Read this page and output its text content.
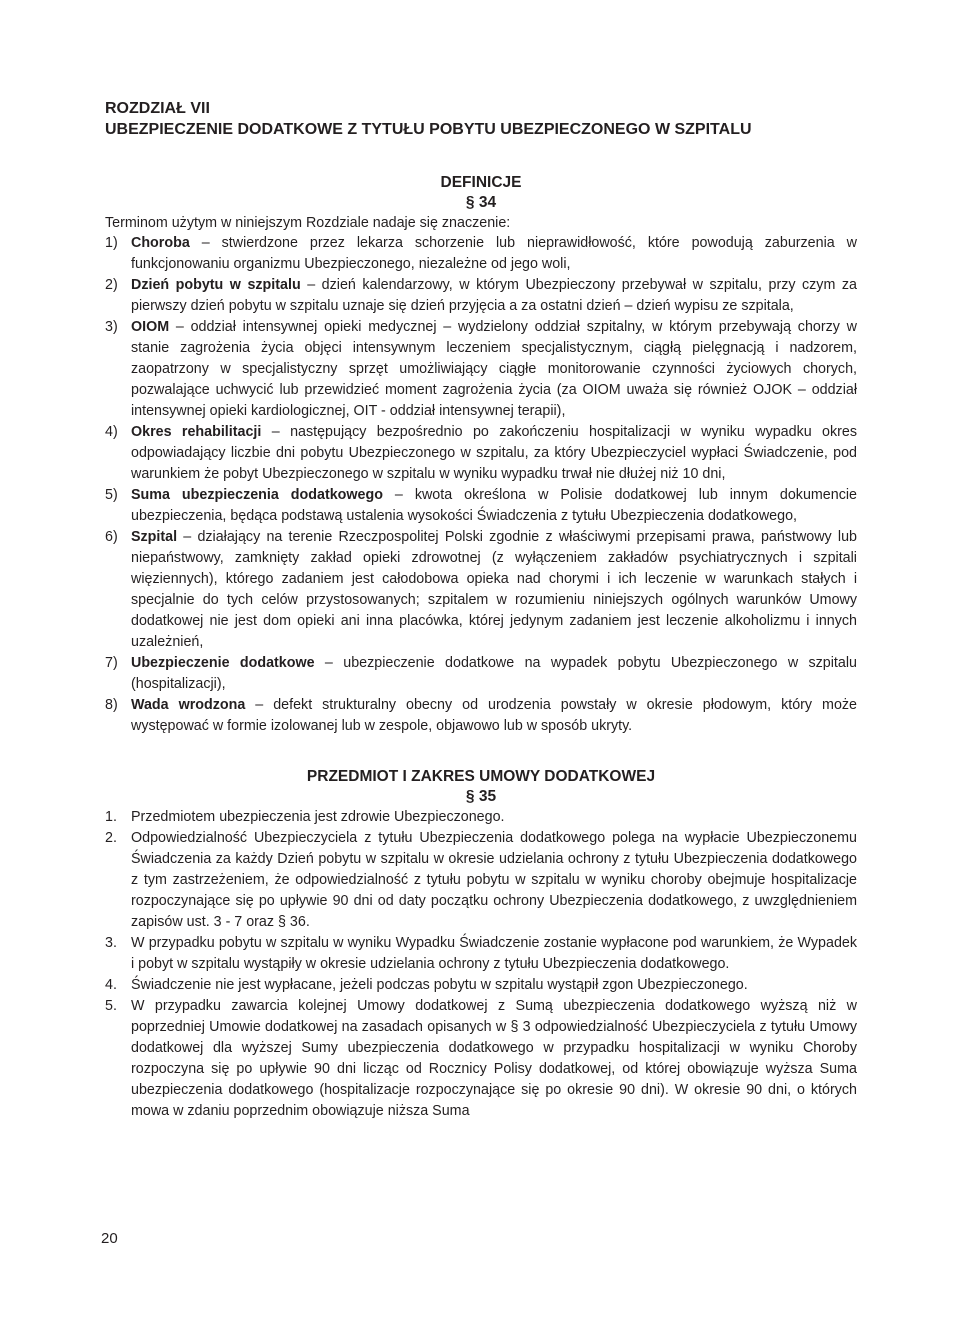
ROZDZIAŁ VII

UBEZPIECZENIE DODATKOWE Z TYTUŁU POBYTU UBEZPIECZONEGO W SZPITALU

DEFINICJE

§ 34

Terminom użytym w niniejszym Rozdziale nadaje się znaczenie:

1) Choroba – stwierdzone przez lekarza schorzenie lub nieprawidłowość, które powodują zaburzenia w funkcjonowaniu organizmu Ubezpieczonego, niezależne od jego woli,
2) Dzień pobytu w szpitalu – dzień kalendarzowy, w którym Ubezpieczony przebywał w szpitalu, przy czym za pierwszy dzień pobytu w szpitalu uznaje się dzień przyjęcia a za ostatni dzień – dzień wypisu ze szpitala,
3) OIOM – oddział intensywnej opieki medycznej – wydzielony oddział szpitalny, w którym przebywają chorzy w stanie zagrożenia życia objęci intensywnym leczeniem specjalistycznym, ciągłą pielęgnacją i nadzorem, zaopatrzony w specjalistyczny sprzęt umożliwiający ciągłe monitorowanie czynności życiowych chorych, pozwalające uchwycić lub przewidzieć moment zagrożenia życia (za OIOM uważa się również OJOK – oddział intensywnej opieki kardiologicznej, OIT - oddział intensywnej terapii),
4) Okres rehabilitacji – następujący bezpośrednio po zakończeniu hospitalizacji w wyniku wypadku okres odpowiadający liczbie dni pobytu Ubezpieczonego w szpitalu, za który Ubezpieczyciel wypłaci Świadczenie, pod warunkiem że pobyt Ubezpieczonego w szpitalu w wyniku wypadku trwał nie dłużej niż 10 dni,
5) Suma ubezpieczenia dodatkowego – kwota określona w Polisie dodatkowej lub innym dokumencie ubezpieczenia, będąca podstawą ustalenia wysokości Świadczenia z tytułu Ubezpieczenia dodatkowego,
6) Szpital – działający na terenie Rzeczpospolitej Polski zgodnie z właściwymi przepisami prawa, państwowy lub niepaństwowy, zamknięty zakład opieki zdrowotnej (z wyłączeniem zakładów psychiatrycznych i szpitali więziennych), którego zadaniem jest całodobowa opieka nad chorymi i ich leczenie w warunkach stałych i specjalnie do tych celów przystosowanych; szpitalem w rozumieniu niniejszych ogólnych warunków Umowy dodatkowej nie jest dom opieki ani inna placówka, której jedynym zadaniem jest leczenie alkoholizmu i innych uzależnień,
7) Ubezpieczenie dodatkowe – ubezpieczenie dodatkowe na wypadek pobytu Ubezpieczonego w szpitalu (hospitalizacji),
8) Wada wrodzona – defekt strukturalny obecny od urodzenia powstały w okresie płodowym, który może występować w formie izolowanej lub w zespole, objawowo lub w sposób ukryty.

PRZEDMIOT I ZAKRES UMOWY DODATKOWEJ

§ 35

1. Przedmiotem ubezpieczenia jest zdrowie Ubezpieczonego.
2. Odpowiedzialność Ubezpieczyciela z tytułu Ubezpieczenia dodatkowego polega na wypłacie Ubezpieczonemu Świadczenia za każdy Dzień pobytu w szpitalu w okresie udzielania ochrony z tytułu Ubezpieczenia dodatkowego z tym zastrzeżeniem, że odpowiedzialność z tytułu pobytu w szpitalu w wyniku choroby obejmuje hospitalizacje rozpoczynające się po upływie 90 dni od daty początku ochrony Ubezpieczenia dodatkowego, z uwzględnieniem zapisów ust. 3 - 7 oraz § 36.
3. W przypadku pobytu w szpitalu w wyniku Wypadku Świadczenie zostanie wypłacone pod warunkiem, że Wypadek i pobyt w szpitalu wystąpiły w okresie udzielania ochrony z tytułu Ubezpieczenia dodatkowego.
4. Świadczenie nie jest wypłacane, jeżeli podczas pobytu w szpitalu wystąpił zgon Ubezpieczonego.
5. W przypadku zawarcia kolejnej Umowy dodatkowej z Sumą ubezpieczenia dodatkowego wyższą niż w poprzedniej Umowie dodatkowej na zasadach opisanych w § 3 odpowiedzialność Ubezpieczyciela z tytułu Umowy dodatkowej dla wyższej Sumy ubezpieczenia dodatkowego w przypadku hospitalizacji w wyniku Choroby rozpoczyna się po upływie 90 dni licząc od Rocznicy Polisy dodatkowej, od której obowiązuje wyższa Suma ubezpieczenia dodatkowego (hospitalizacje rozpoczynające się po okresie 90 dni). W okresie 90 dni, o których mowa w zdaniu poprzednim obowiązuje niższa Suma
20
